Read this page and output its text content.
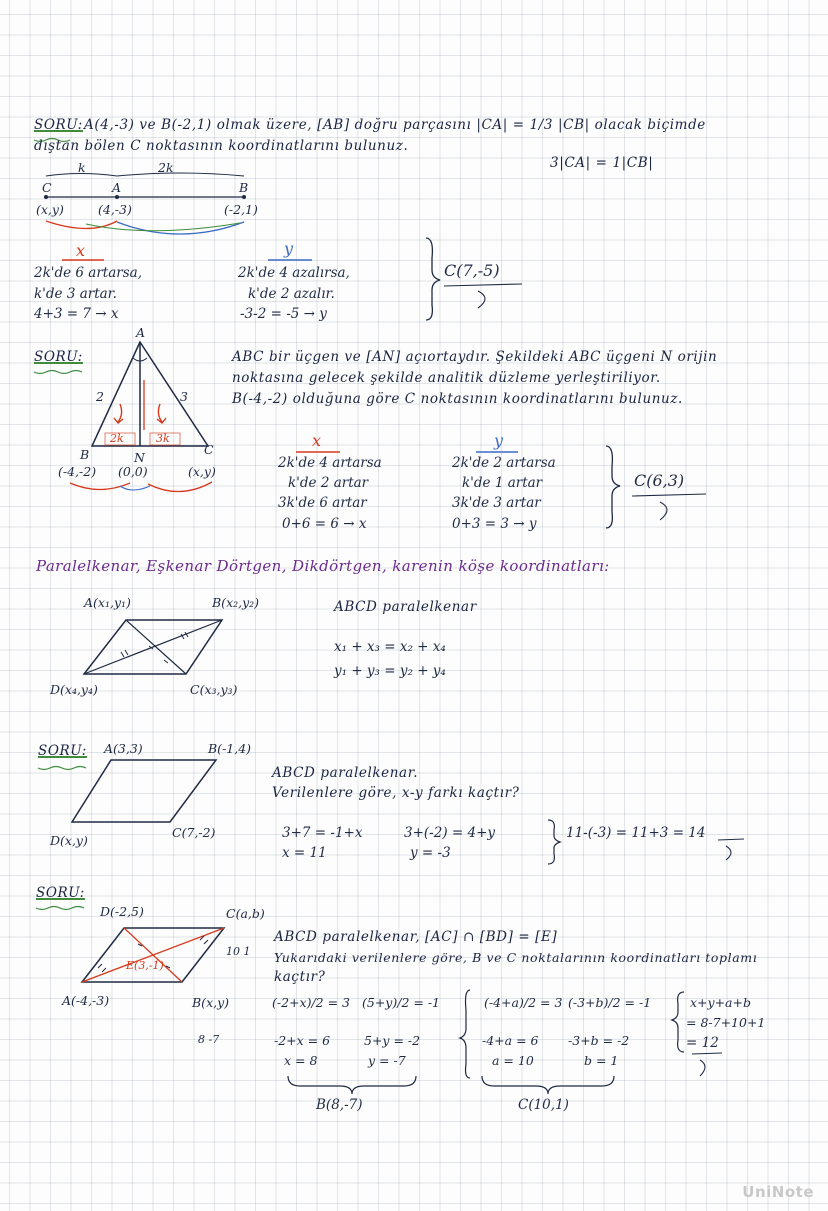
SORU: A(4,-3) ve B(-2,1) olmak üzere, [AB] doğru parçasını |CA| = 1/3 |CB| olacak biçimde
dıştan bölen C noktasının koordinatlarını bulunuz.
3|CA| = 1|CB|
k	2k
C	A	B
(x,y)	(4,-3)	(-2,1)
x
2k'de 6 artarsa,
k'de 3 artar.
4+3 = 7 → x
y
2k'de 4 azalırsa,
k'de 2 azalır.
-3-2 = -5 → y
C(7,-5)
SORU:
A
2	3
2k	3k
B	N
C
(-4,-2) (0,0)	(x,y)
ABC bir üçgen ve [AN] açıortaydır. Şekildeki ABC üçgeni N orijin
noktasına gelecek şekilde analitik düzleme yerleştiriliyor.
B(-4,-2) olduğuna göre C noktasının koordinatlarını bulunuz.
x
2k'de 4 artarsa
k'de 2 artar
3k'de 6 artar
0+6 = 6 → x
y
2k'de 2 artarsa
k'de 1 artar
3k'de 3 artar
0+3 = 3 → y
C(6,3)
Paralelkenar, Eşkenar Dörtgen, Dikdörtgen, karenin köşe koordinatları:
A(x₁,y₁)	B(x₂,y₂)
D(x₄,y₄)	C(x₃,y₃)
ABCD paralelkenar
x₁ + x₃ = x₂ + x₄
y₁ + y₃ = y₂ + y₄
SORU: A(3,3)	B(-1,4)
D(x,y)
C(7,-2)
ABCD paralelkenar.
Verilenlere göre, x-y farkı kaçtır?
3+7 = -1+x
x = 11
3+(-2) = 4+y
y = -3
11-(-3) = 11+3 = 14
SORU:
D(-2,5)	C(a,b)
10 1
E(3,-1)
A(-4,-3)	B(x,y)
8 -7
ABCD paralelkenar, [AC] ∩ [BD] = [E]
Yukarıdaki verilenlere göre, B ve C noktalarının koordinatları toplamı
kaçtır?
(-2+x)/2 = 3
-2+x = 6
x = 8
(5+y)/2 = -1
5+y = -2
y = -7
B(8,-7)
(-4+a)/2 = 3
-4+a = 6
a = 10
(-3+b)/2 = -1
-3+b = -2
b = 1
C(10,1)
x+y+a+b
= 8-7+10+1
= 12
UniNote
